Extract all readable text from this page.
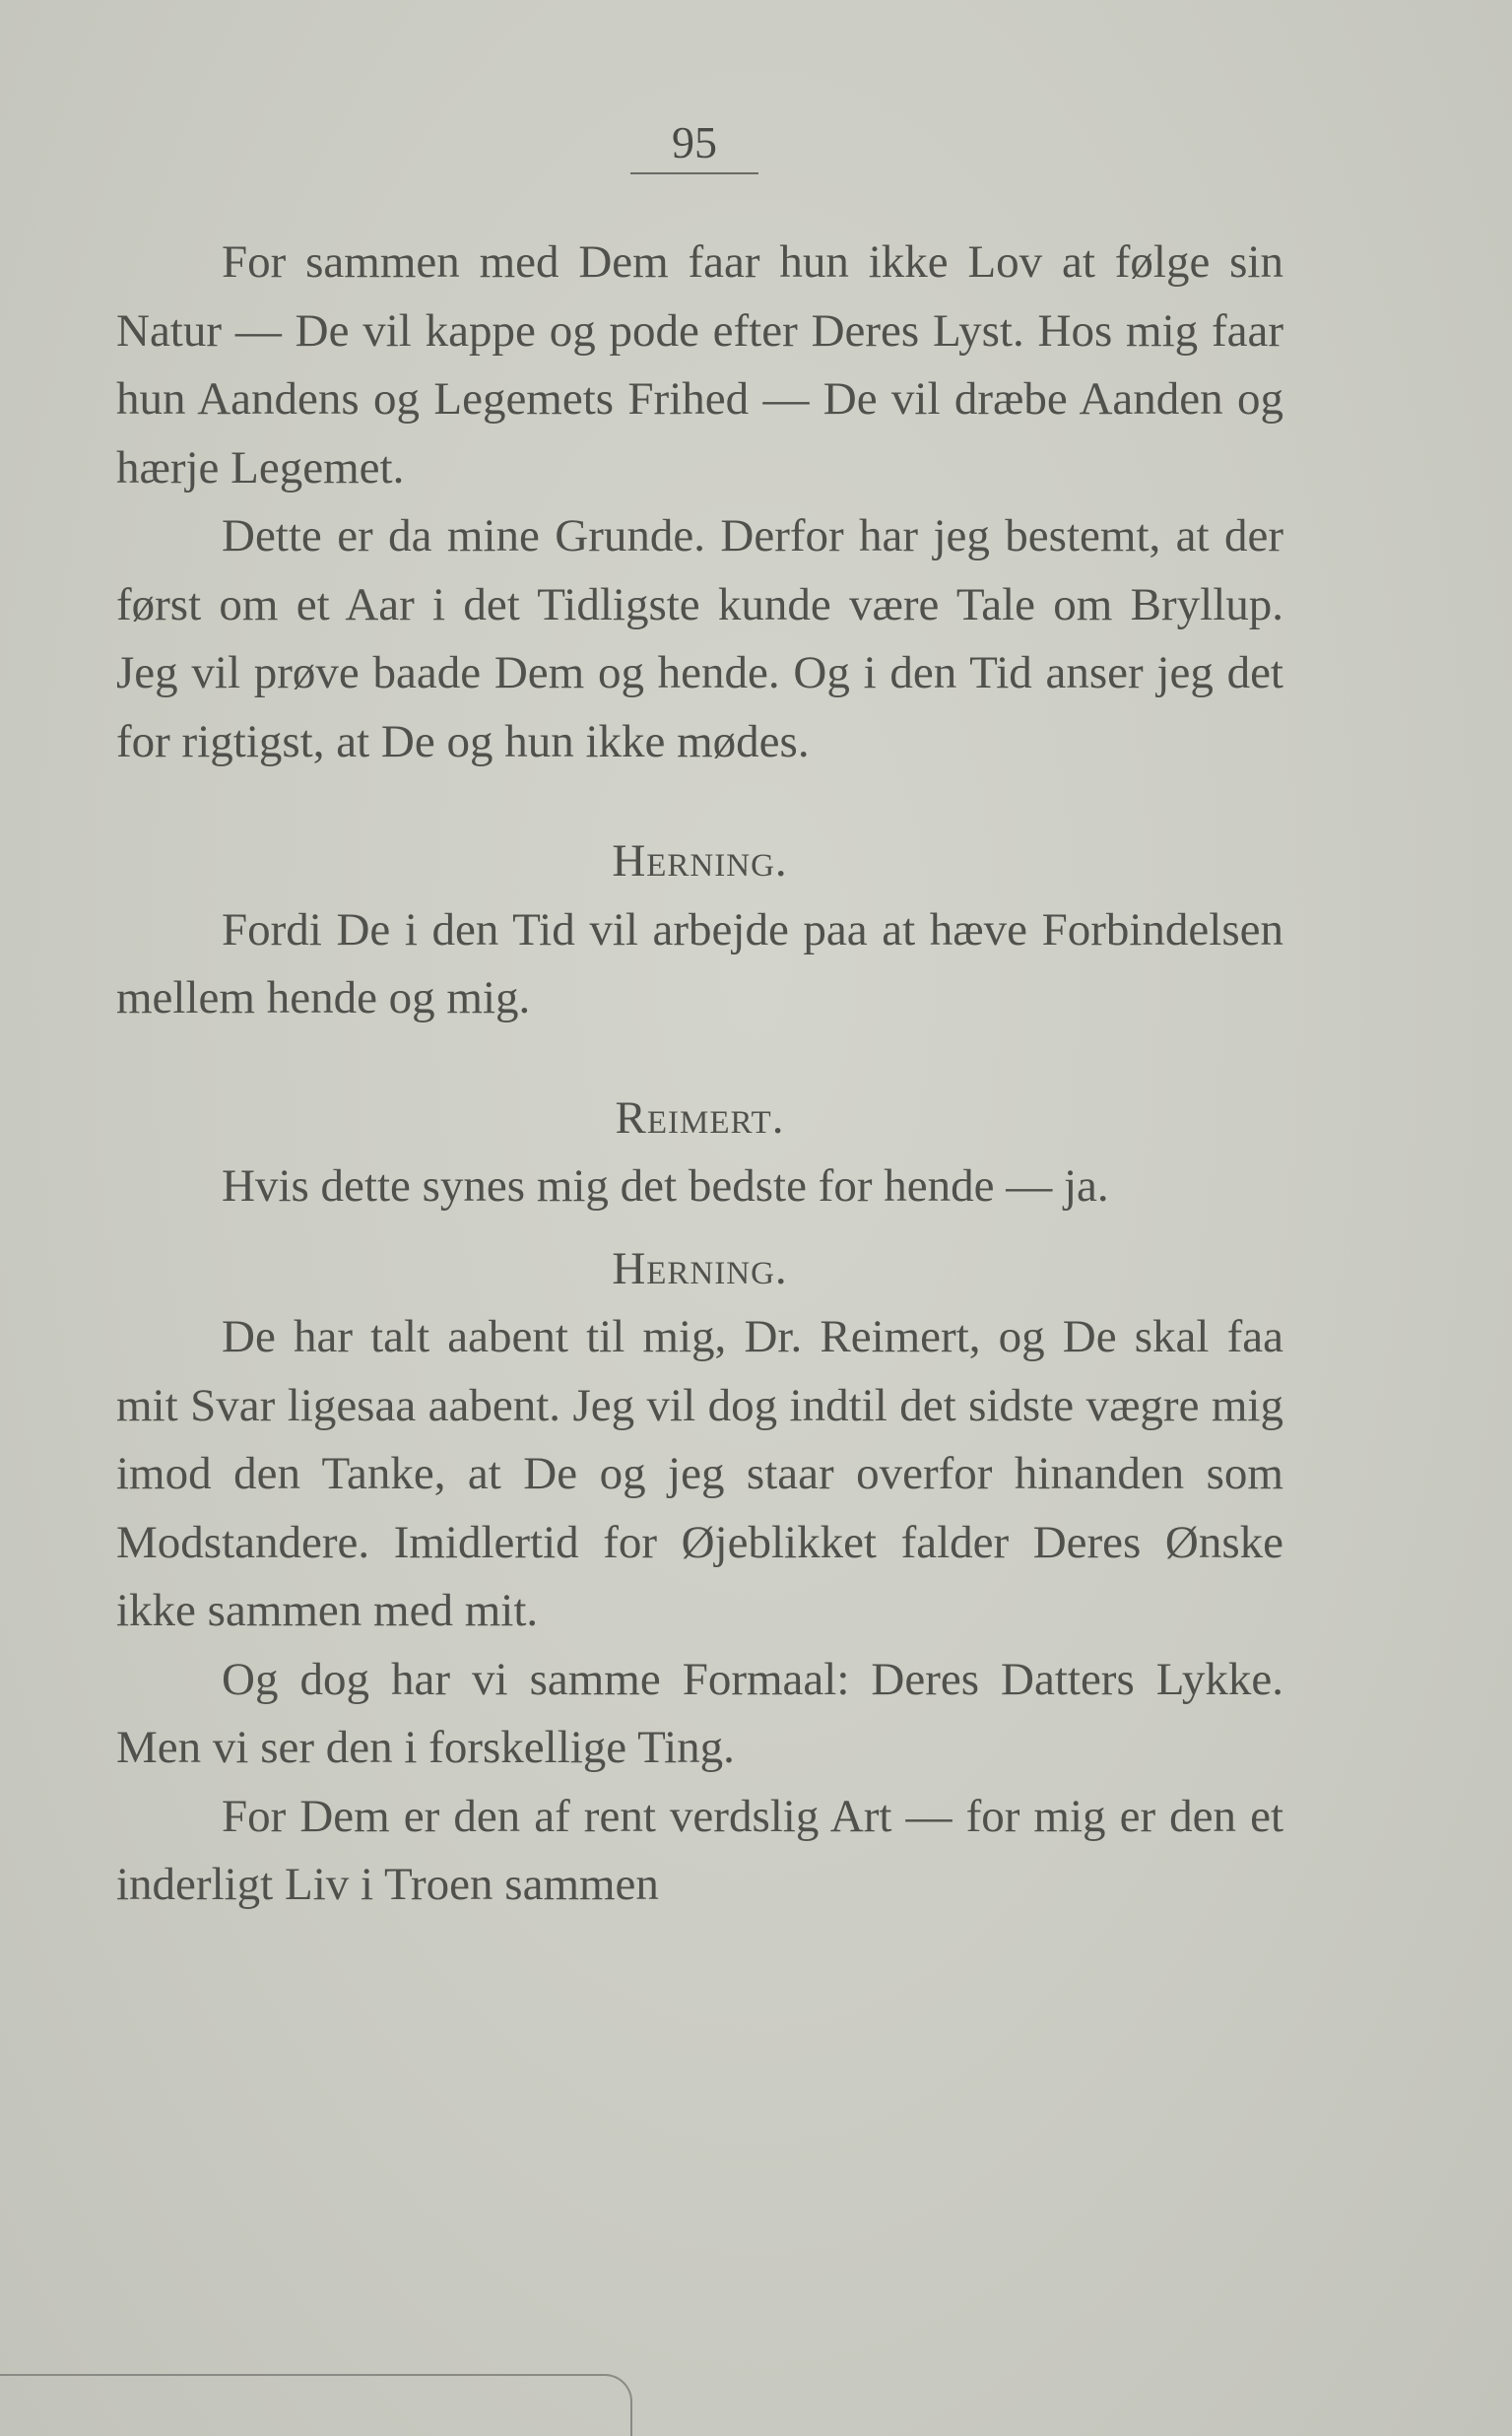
95

For sammen med Dem faar hun ikke Lov at følge sin Natur — De vil kappe og pode efter Deres Lyst. Hos mig faar hun Aandens og Legemets Frihed — De vil dræbe Aanden og hærje Legemet.

Dette er da mine Grunde. Derfor har jeg bestemt, at der først om et Aar i det Tidligste kunde være Tale om Bryllup. Jeg vil prøve baade Dem og hende. Og i den Tid anser jeg det for rigtigst, at De og hun ikke mødes.

Herning.

Fordi De i den Tid vil arbejde paa at hæve Forbindelsen mellem hende og mig.

Reimert.

Hvis dette synes mig det bedste for hende — ja.

Herning.

De har talt aabent til mig, Dr. Reimert, og De skal faa mit Svar ligesaa aabent. Jeg vil dog indtil det sidste vægre mig imod den Tanke, at De og jeg staar overfor hinanden som Modstandere. Imidlertid for Øjeblikket falder Deres Ønske ikke sammen med mit.

Og dog har vi samme Formaal: Deres Datters Lykke. Men vi ser den i forskellige Ting.

For Dem er den af rent verdslig Art — for mig er den et inderligt Liv i Troen sammen
